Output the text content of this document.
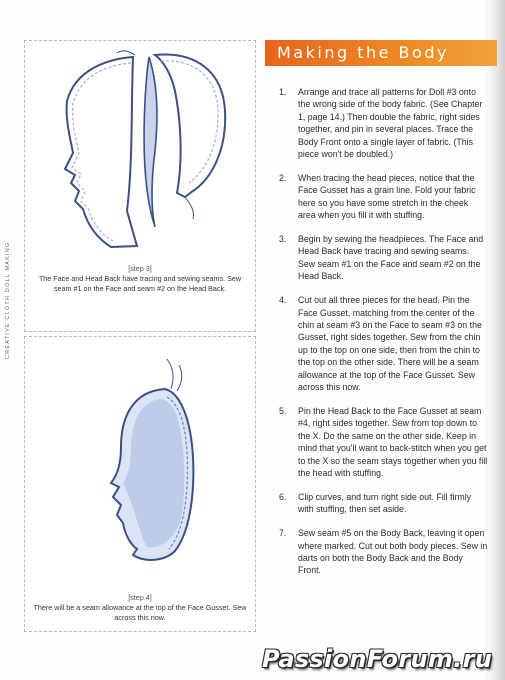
CREATIVE CLOTH DOLL MAKING	[step 3]
The Face and Head Back have tracing and sewing seams. Sew seam #1 on the Face and seam #2 on the Head Back.
[step 4]
There will be a seam allowance at the top of the Face Gusset. Sew across this now.
Making the Body
1. Arrange and trace all patterns for Doll #3 onto the wrong side of the body fabric. (See Chapter 1, page 14.) Then double the fabric, right sides together, and pin in several places. Trace the Body Front onto a single layer of fabric. (This piece won't be doubled.)
2. When tracing the head pieces, notice that the Face Gusset has a grain line. Fold your fabric here so you have some stretch in the cheek area when you fill it with stuffing.
3. Begin by sewing the headpieces. The Face and Head Back have tracing and sewing seams. Sew seam #1 on the Face and seam #2 on the Head Back.
4. Cut out all three pieces for the head. Pin the Face Gusset, matching from the center of the chin at seam #3 on the Face to seam #3 on the Gusset, right sides together. Sew from the chin up to the top on one side, then from the chin to the top on the other side. There will be a seam allowance at the top of the Face Gusset. Sew across this now.
5. Pin the Head Back to the Face Gusset at seam #4, right sides together. Sew from top down to the X. Do the same on the other side. Keep in mind that you'll want to back-stitch when you get to the X so the seam stays together when you fill the head with stuffing.
6. Clip curves, and turn right side out. Fill firmly with stuffing, then set aside.
7. Sew seam #5 on the Body Back, leaving it open where marked. Cut out both body pieces. Sew in darts on both the Body Back and the Body Front.
PassionForum.ru
